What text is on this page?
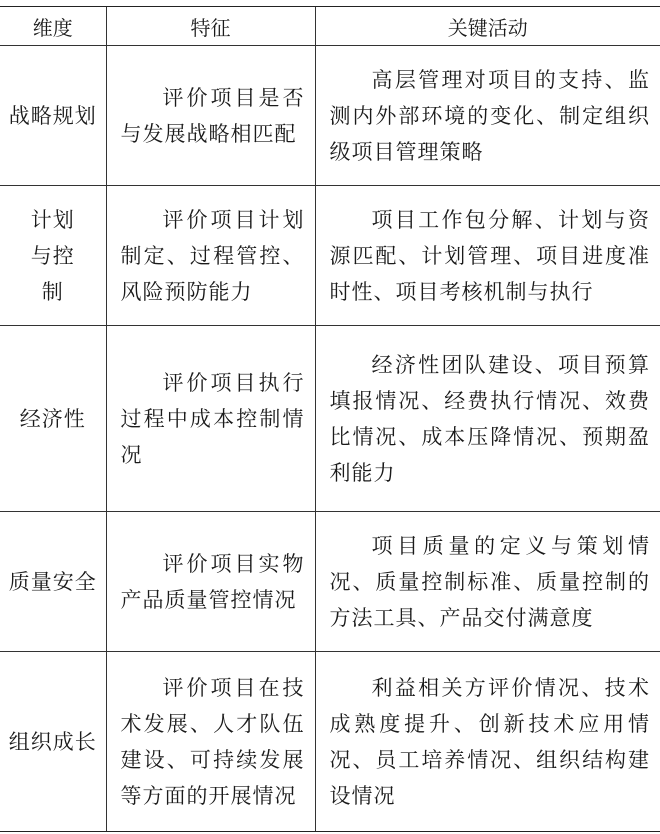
维度	特征	关键活动
战略规划	评价项目是否与发展战略相匹配	高层管理对项目的支持、监测内外部环境的变化、制定组织级项目管理策略

计划与控制	评价项目计划制定、过程管控、风险预防能力	项目工作包分解、计划与资源匹配、计划管理、项目进度准时性、项目考核机制与执行

经济性	评价项目执行过程中成本控制情况	经济性团队建设、项目预算填报情况、经费执行情况、效费比情况、成本压降情况、预期盈利能力

质量安全	评价项目实物产品质量管控情况	项目质量的定义与策划情况、质量控制标准、质量控制的方法工具、产品交付满意度

组织成长	评价项目在技术发展、人才队伍建设、可持续发展等方面的开展情况	利益相关方评价情况、技术成熟度提升、创新技术应用情况、员工培养情况、组织结构建设情况
